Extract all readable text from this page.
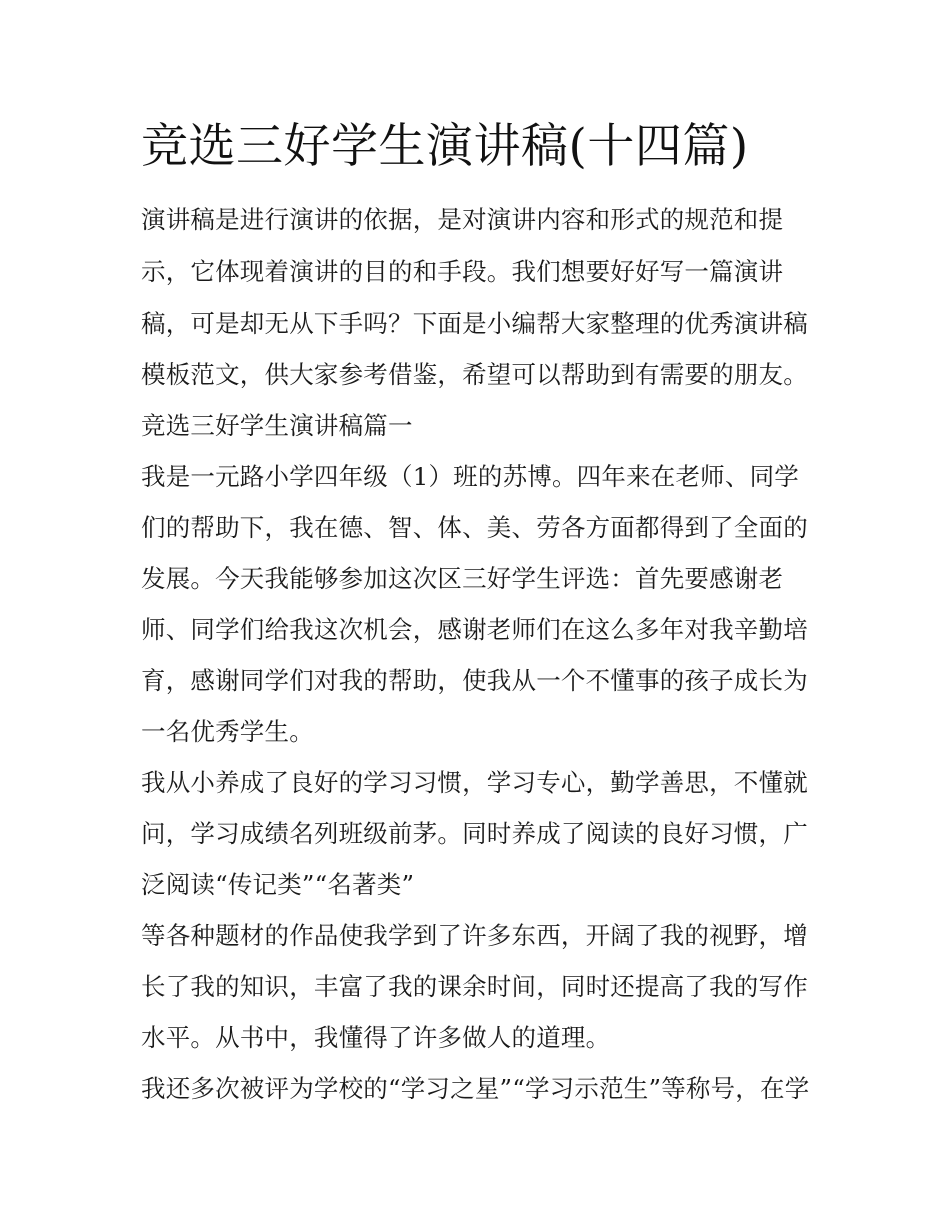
竞选三好学生演讲稿(十四篇)

演讲稿是进行演讲的依据，是对演讲内容和形式的规范和提

示，它体现着演讲的目的和手段。我们想要好好写一篇演讲

稿，可是却无从下手吗？下面是小编帮大家整理的优秀演讲稿

模板范文，供大家参考借鉴，希望可以帮助到有需要的朋友。

竞选三好学生演讲稿篇一

我是一元路小学四年级（1）班的苏博。四年来在老师、同学

们的帮助下，我在德、智、体、美、劳各方面都得到了全面的

发展。今天我能够参加这次区三好学生评选：首先要感谢老

师、同学们给我这次机会，感谢老师们在这么多年对我辛勤培

育，感谢同学们对我的帮助，使我从一个不懂事的孩子成长为

一名优秀学生。

我从小养成了良好的学习习惯，学习专心，勤学善思，不懂就

问，学习成绩名列班级前茅。同时养成了阅读的良好习惯，广

泛阅读“传记类”“名著类”

等各种题材的作品使我学到了许多东西，开阔了我的视野，增

长了我的知识，丰富了我的课余时间，同时还提高了我的写作

水平。从书中，我懂得了许多做人的道理。

我还多次被评为学校的“学习之星”“学习示范生”等称号，在学
